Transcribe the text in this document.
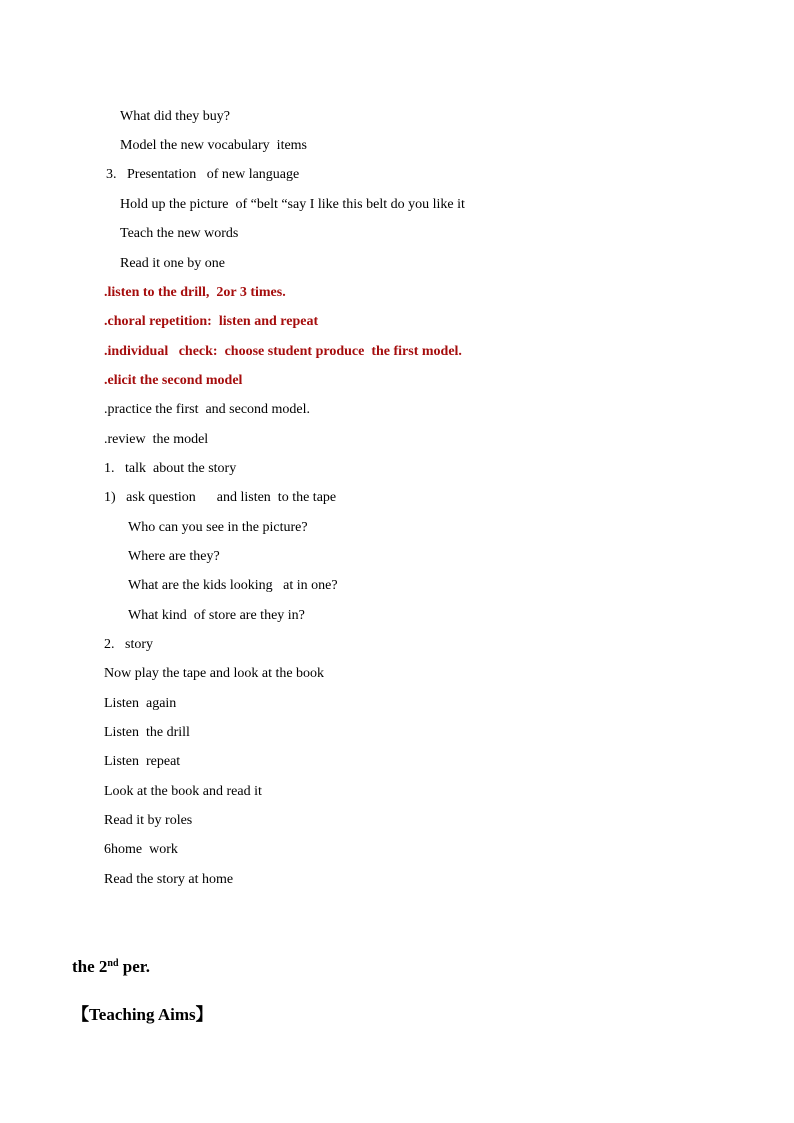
What did they buy?
Model the new vocabulary  items
3.   Presentation   of new language
Hold up the picture  of “belt “say I like this belt do you like it
Teach the new words
Read it one by one
.listen to the drill,  2or 3 times.
.choral repetition:  listen and repeat
.individual   check:  choose student produce  the first model.
.elicit the second model
.practice the first  and second model.
.review  the model
1.   talk  about the story
1)   ask question      and listen  to the tape
Who can you see in the picture?
Where are they?
What are the kids looking   at in one?
What kind  of store are they in?
2.   story
Now play the tape and look at the book
Listen  again
Listen  the drill
Listen  repeat
Look at the book and read it
Read it by roles
6home  work
Read the story at home
the 2nd per.
【Teaching Aims】
